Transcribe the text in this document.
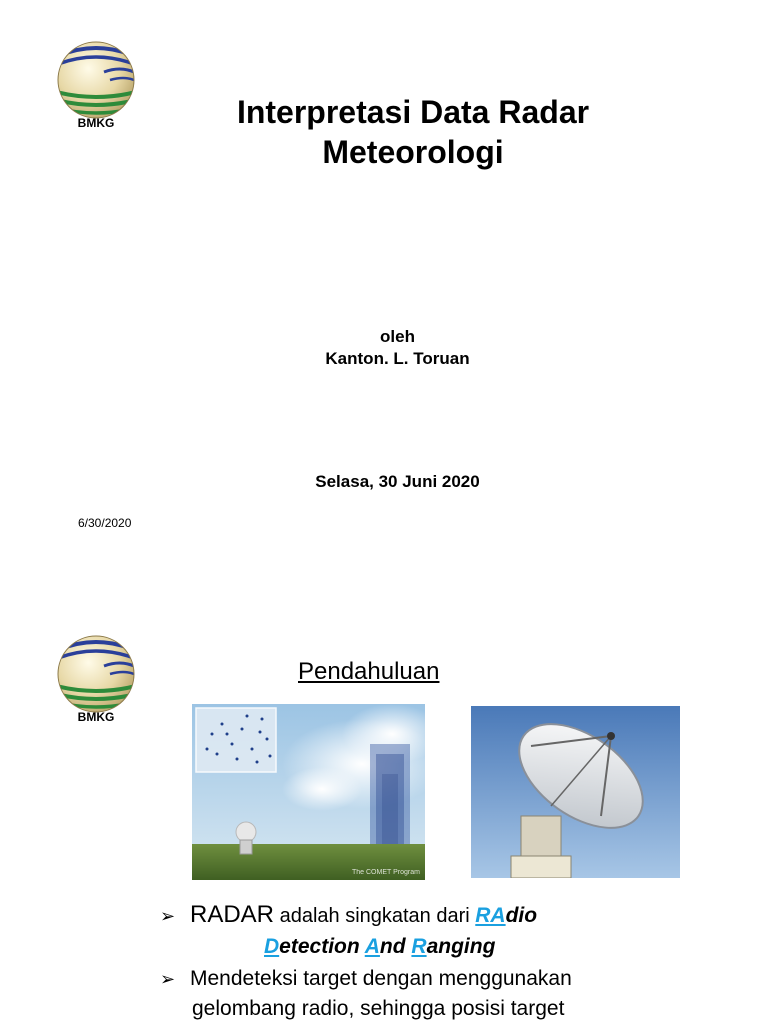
BMKG	Interpretasi Data Radar
Meteorologi
oleh
Kanton. L. Toruan
Selasa, 30 Juni 2020
6/30/2020
BMKG
Pendahuluan
The COMET Program
➢ RADAR adalah singkatan dari RAdio
Detection And Ranging
➢ Mendeteksi target dengan menggunakan
gelombang radio, sehingga posisi target
